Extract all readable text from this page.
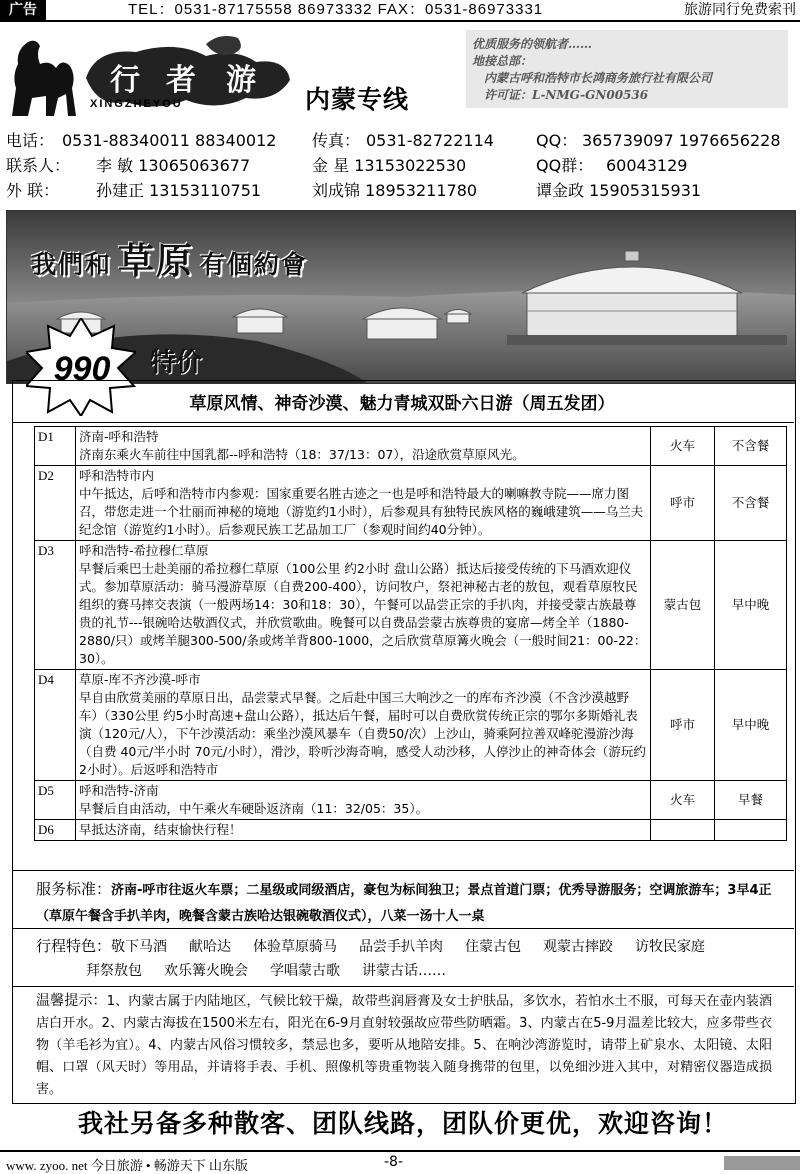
广告	TEL：0531-87175558 86973332 FAX：0531-86973331	旅游同行免费索刊
行 者 游
XINGZHEYOU	内蒙专线
优质服务的领航者……
地接总部：
内蒙古呼和浩特市长鸿商务旅行社有限公司
许可证：L-NMG-GN00536
电话： 0531-88340011 88340012 传真： 0531-82722114	QQ： 365739097 1976656228
联系人： 李 敏 13065063677	金 星 13153022530	QQ群： 60043129
外 联： 孙建正 13153110751	刘成锦 18953211780	谭金政 15905315931
我們和 草原 有個約會
990 特价
草原风情、神奇沙漠、魅力青城双卧六日游（周五发团）
D1	济南-呼和浩特
济南东乘火车前往中国乳都--呼和浩特（18：37/13：07），沿途欣赏草原风光。	火车	不含餐
D2	呼和浩特市内
中午抵达，后呼和浩特市内参观：国家重要名胜古迹之一也是呼和浩特最大的喇嘛教寺院——席力图召，带您走进一个壮丽而神秘的境地（游览约1小时），后参观具有独特民族风格的巍峨建筑——乌兰夫纪念馆（游览约1小时）。后参观民族工艺品加工厂（参观时间约40分钟）。	呼市	不含餐
D3	呼和浩特-希拉穆仁草原
早餐后乘巴士赴美丽的希拉穆仁草原（100公里 约2小时 盘山公路）抵达后接受传统的下马酒欢迎仪式。参加草原活动：骑马漫游草原（自费200-400），访问牧户，祭祀神秘古老的敖包，观看草原牧民组织的赛马摔交表演（一般两场14：30和18：30），午餐可以品尝正宗的手扒肉，并接受蒙古族最尊贵的礼节---银碗哈达敬酒仪式，并欣赏歌曲。晚餐可以自费品尝蒙古族尊贵的宴席—烤全羊（1880-2880/只）或烤羊腿300-500/条或烤羊背800-1000，之后欣赏草原篝火晚会（一般时间21：00-22：30）。	蒙古包	早中晚
D4	草原-库不齐沙漠-呼市
早自由欣赏美丽的草原日出，品尝蒙式早餐。之后赴中国三大响沙之一的库布齐沙漠（不含沙漠越野车）（330公里 约5小时高速+盘山公路），抵达后午餐，届时可以自费欣赏传统正宗的鄂尔多斯婚礼表演（120元/人），下午沙漠活动：乘坐沙漠风暴车（自费50/次）上沙山，骑乘阿拉善双峰驼漫游沙海（自费 40元/半小时 70元/小时），滑沙，聆听沙海奇响，感受人动沙移，人停沙止的神奇体会（游玩约2小时）。后返呼和浩特市	呼市	早中晚
D5	呼和浩特-济南
早餐后自由活动，中午乘火车硬卧返济南（11：32/05：35）。	火车	早餐
D6	早抵达济南，结束愉快行程！		
服务标准：济南-呼市往返火车票；二星级或同级酒店，豪包为标间独卫；景点首道门票；优秀导游服务；空调旅游车；3早4正（草原午餐含手扒羊肉，晚餐含蒙古族哈达银碗敬酒仪式），八菜一汤十人一桌
行程特色：敬下马酒 献哈达 体验草原骑马 品尝手扒羊肉 住蒙古包 观蒙古摔跤 访牧民家庭拜祭敖包 欢乐篝火晚会 学唱蒙古歌 讲蒙古话……
温馨提示：1、内蒙古属于内陆地区，气候比较干燥，故带些润唇膏及女士护肤品，多饮水，若怕水土不服，可每天在壶内装酒店白开水。2、内蒙古海拔在1500米左右，阳光在6-9月直射较强故应带些防晒霜。3、内蒙古在5-9月温差比较大，应多带些衣物（羊毛衫为宜）。4、内蒙古风俗习惯较多，禁忌也多，要听从地陪安排。5、在响沙湾游览时，请带上矿泉水、太阳镜、太阳帽、口罩（风天时）等用品，并请将手表、手机、照像机等贵重物装入随身携带的包里，以免细沙进入其中，对精密仪器造成损害。
我社另备多种散客、团队线路，团队价更优，欢迎咨询！
www. zyoo. net 今日旅游 • 畅游天下 山东版	-8-
